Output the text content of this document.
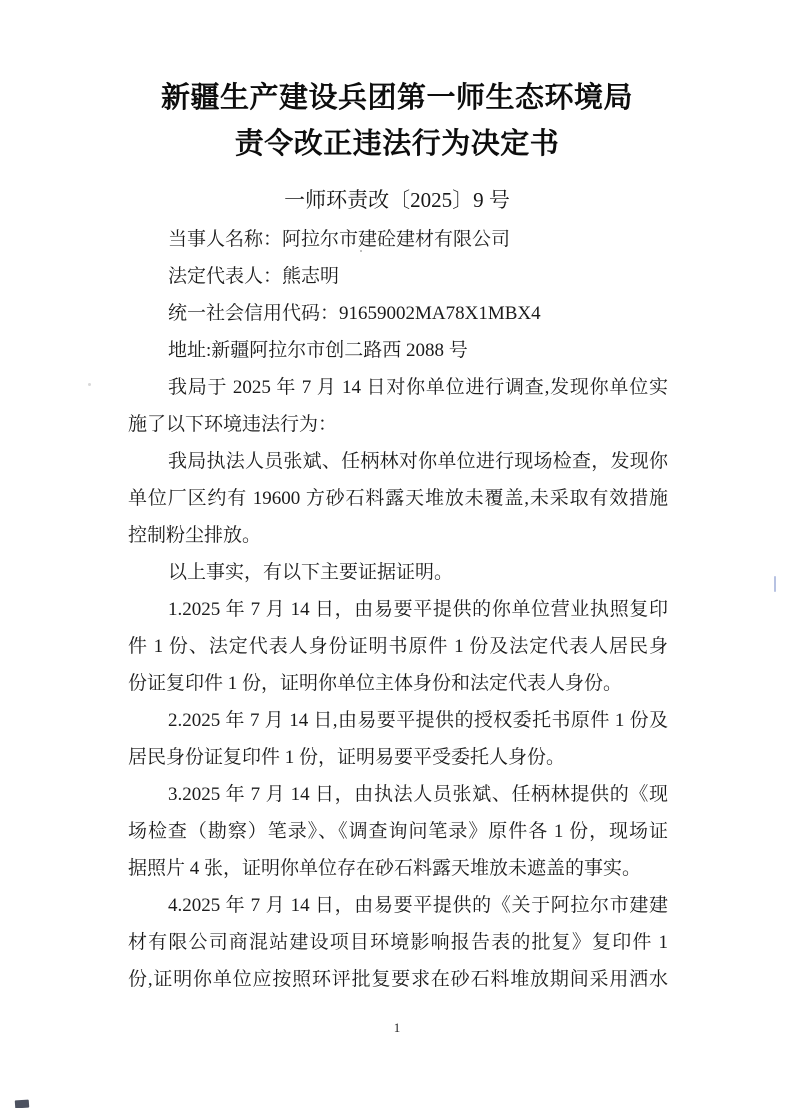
新疆生产建设兵团第一师生态环境局
责令改正违法行为决定书
一师环责改〔2025〕9 号
当事人名称：阿拉尔市建砼建材有限公司
法定代表人：熊志明
统一社会信用代码：91659002MA78X1MBX4
地址:新疆阿拉尔市创二路西 2088 号
我局于 2025 年 7 月 14 日对你单位进行调查,发现你单位实
施了以下环境违法行为：
我局执法人员张斌、任柄林对你单位进行现场检查，发现你
单位厂区约有 19600 方砂石料露天堆放未覆盖,未采取有效措施
控制粉尘排放。
以上事实，有以下主要证据证明。
1.2025 年 7 月 14 日，由易要平提供的你单位营业执照复印
件 1 份、法定代表人身份证明书原件 1 份及法定代表人居民身
份证复印件 1 份，证明你单位主体身份和法定代表人身份。
2.2025 年 7 月 14 日,由易要平提供的授权委托书原件 1 份及
居民身份证复印件 1 份，证明易要平受委托人身份。
3.2025 年 7 月 14 日，由执法人员张斌、任柄林提供的《现
场检查（勘察）笔录》、《调查询问笔录》原件各 1 份，现场证
据照片 4 张，证明你单位存在砂石料露天堆放未遮盖的事实。
4.2025 年 7 月 14 日，由易要平提供的《关于阿拉尔市建建
材有限公司商混站建设项目环境影响报告表的批复》复印件 1
份,证明你单位应按照环评批复要求在砂石料堆放期间采用洒水
1
